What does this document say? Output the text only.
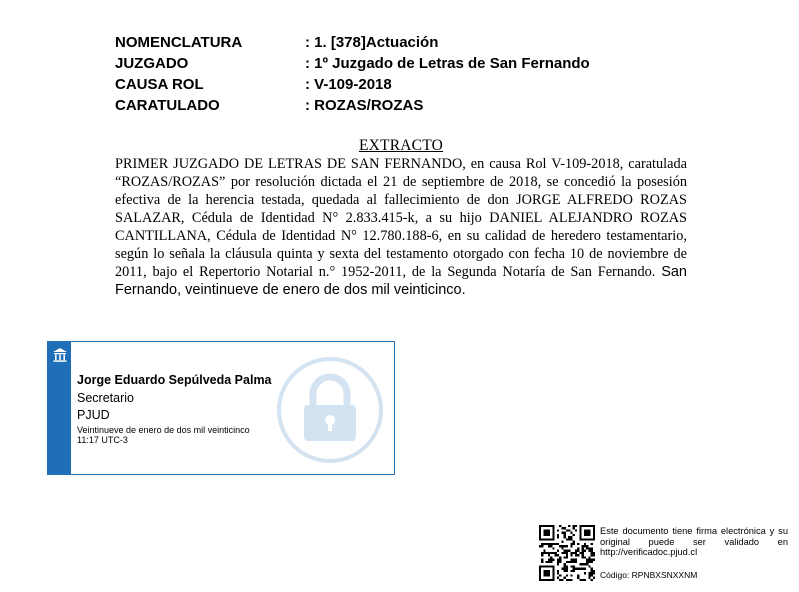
NOMENCLATURA	: 1. [378]Actuación
JUZGADO	: 1º Juzgado de Letras de San Fernando
CAUSA ROL	: V-109-2018
CARATULADO	: ROZAS/ROZAS
EXTRACTO

PRIMER JUZGADO DE LETRAS DE SAN FERNANDO, en causa Rol V-109-2018, caratulada “ROZAS/ROZAS” por resolución dictada el 21 de septiembre de 2018, se concedió la posesión efectiva de la herencia testada, quedada al fallecimiento de don JORGE ALFREDO ROZAS SALAZAR, Cédula de Identidad N° 2.833.415-k, a su hijo DANIEL ALEJANDRO ROZAS CANTILLANA, Cédula de Identidad N° 12.780.188-6, en su calidad de heredero testamentario, según lo señala la cláusula quinta y sexta del testamento otorgado con fecha 10 de noviembre de 2011, bajo el Repertorio Notarial n.° 1952-2011, de la Segunda Notaría de San Fernando. San Fernando, veintinueve de enero de dos mil veinticinco.

Jorge Eduardo Sepúlveda Palma
Secretario
PJUD
Veintinueve de enero de dos mil veinticinco
11:17 UTC-3

Este documento tiene firma electrónica y su original puede ser validado en http://verificadoc.pjud.cl

Código: RPNBXSNXXNM
